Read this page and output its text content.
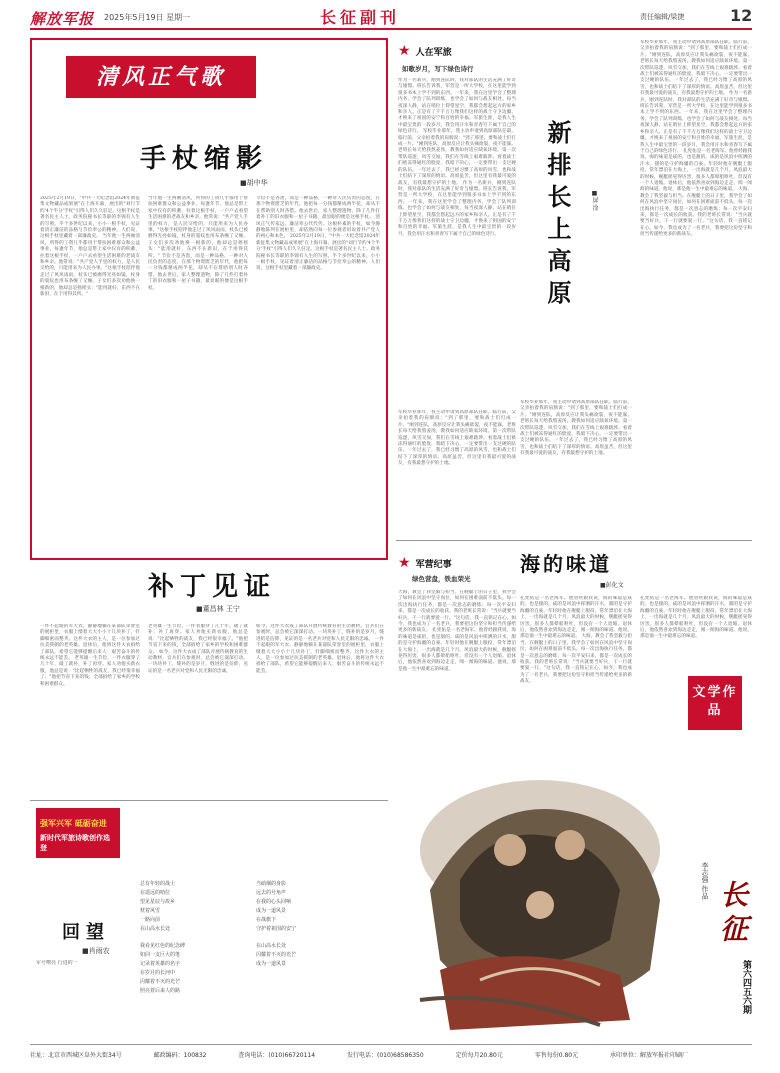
解放军报 2025年5月19日 星期一	长征副刊	责任编辑/梁捷	12
清风正气歌
手杖缩影
■胡中华
2025年2月19日，"中共一大纪念馆2024年新征集文物藏品成果展"在上海开幕，展出的"刘行节约'4个半分'手杖"引得人们久久驻足。这根手杖是著名民主人士、政务院秘书长等职的李锦有人生的写照。半个多世纪以来，小小一根手杖，见证着清正廉洁的品格与节俭奉公的精神。人们说，这根手杖里藏着一部廉政史。 当年他一生两袖清风，所得的工资几乎都用于帮扶困难群众和公益事业。每逢年节，他总是带上家中仅有的积蓄，拄着这根手杖，一户户去看望生活困难的老战友和乡亲。他常说："共产党人手里的权力，是人民交给的，只能用来为人民办事。"这根手杖陪伴他走过了风风雨雨，杖头已被磨得光亮如镜，杖身的裂纹也用布条缠了又缠。子女们多次劝他换一根新的，他却总是摇摇头："能用就好，东西不在新旧，在于用得其所。"
当年他一生两袖清风，所得的工资几乎都用于帮扶困难群众和公益事业。每逢年节，他总是带上家中仅有的积蓄，拄着这根手杖，一户户去看望生活困难的老战友和乡亲。他常说："共产党人手里的权力，是人民交给的，只能用来为人民办事。"这根手杖陪伴他走过了风风雨雨，杖头已被磨得光亮如镜，杖身的裂纹也用布条缠了又缠。子女们多次劝他换一根新的，他却总是摇摇头："能用就好，东西不在新旧，在于用得其所。" 节俭不是吝啬，而是一种品格，一种对人民负责的态度。在那个物资匮乏的年代，他把每一分钱都掰成两半花，却从不在帮助别人时吝惜。他去世后，家人整理遗物，除了几件打着补丁的旧衣服和一屋子书籍，最显眼的便是这根手杖。
节俭不是吝啬，而是一种品格，一种对人民负责的态度。在那个物资匮乏的年代，他把每一分钱都掰成两半花，却从不在帮助别人时吝惜。他去世后，家人整理遗物，除了几件打着补丁的旧衣服和一屋子书籍，最显眼的便是这根手杖。 清风正气传家远，廉洁奉公代代传。这根朴素的手杖，如今静静地陈列在展柜里，却依然向每一位参观者诉说着共产党人的初心和本色。 2025年2月19日，"中共一大纪念馆2024年新征集文物藏品成果展"在上海开幕，展出的"刘行节约'4个半分'手杖"引得人们久久驻足。这根手杖是著名民主人士、政务院秘书长等职的李锦有人生的写照。半个多世纪以来，小小一根手杖，见证着清正廉洁的品格与节俭奉公的精神。人们说，这根手杖里藏着一部廉政史。
补丁见证
■董昌林 王宁
一件不起眼的军大衣，静静地躺在某部队荣誉室的展柜里，衣服上缀着大大小小十几块补丁，针脚细密而整齐。这件大衣的主人，是一位参加过抗美援朝的老英雄。退休后，他将这件大衣捐给了部队，希望它能够提醒后来人：艰苦奋斗的传统永远不能丢。 老英雄一生节俭，一件衣服穿了几十年，破了就补，补了再穿。家人劝他买新衣服，他总是说："比起牺牲的战友，我已经很幸福了。"他把节省下来的钱，全部捐给了家乡的学校和困难群众。
老英雄一生节俭，一件衣服穿了几十年，破了就补，补了再穿。家人劝他买新衣服，他总是说："比起牺牲的战友，我已经很幸福了。"他把节省下来的钱，全部捐给了家乡的学校和困难群众。 如今，这件大衣成了部队开展传统教育的生动教材。官兵们在参观时，总会被它深深打动。一块块补丁，缝补的是岁月，缝进的是信仰，见证的是一名老兵对党和人民无限的忠诚。
如今，这件大衣成了部队开展传统教育的生动教材。官兵们在参观时，总会被它深深打动。一块块补丁，缝补的是岁月，缝进的是信仰，见证的是一名老兵对党和人民无限的忠诚。 一件不起眼的军大衣，静静地躺在某部队荣誉室的展柜里，衣服上缀着大大小小十几块补丁，针脚细密而整齐。这件大衣的主人，是一位参加过抗美援朝的老英雄。退休后，他将这件大衣捐给了部队，希望它能够提醒后来人：艰苦奋斗的传统永远不能丢。
强军兴军 砥砺奋进
新时代军旅诗歌创作选登
回望
■肖雨农
军号嘹亮 行进的一
总有年轻的战士
在遥远的哨位
望见星辰与故乡
枕着风雪
一路向前
在山高水长处
我看见红色的纪念碑
如同一支巨大的笔
记录着英雄的名字
在岁月的长河中
闪耀着不灭的光芒
照亮着后来人的路
当硝烟的身影
远去的号角声
在我的心头回响
成为一道风景
在战旗下
守护着祖国的安宁
在山高水长处
闪耀着不灭的光芒
成为一道风景
★ 人在军旅
如歌岁月，写下绿色诗行
作为一名新兵，刚到连队时，我对部队的生活充满了好奇与憧憬。班长告诉我，军营是一所大学校，在这里能学到很多书本上学不到的东西。一年来，我在这里学会了整理内务，学会了队列训练，也学会了如何与战友相处。每当夜深人静，站在哨位上仰望星空，我都会想起远方的家乡和亲人。正是有了千千万万像我们这样的战士守卫边疆，才换来了祖国的安宁和百姓的幸福。军旅生涯，是我人生中最宝贵的一段岁月，我会用汗水和青春写下属于自己的绿色诗行。 军校毕业那年，我主动申请到高原部队任职。临行前，父亲拍着我的肩膀说："到了那里，要和战士们打成一片。"刚到连队，高原反应让我头痛欲裂，夜不能寐。老班长每天给我熬姜汤，教我如何适应缺氧环境。第一次带队巡逻，风雪交加，我们在雪线上艰难跋涉。看着战士们被冻得通红的脸庞，我暗下决心，一定要带出一支过硬的队伍。一年过去了，我已经习惯了高原的风雪，也和战士们结下了深厚的情谊。高原虽苦，但这里有我最可爱的战友，有我最想守护的土地。 作为一名新兵，刚到连队时，我对部队的生活充满了好奇与憧憬。班长告诉我，军营是一所大学校，在这里能学到很多书本上学不到的东西。一年来，我在这里学会了整理内务，学会了队列训练，也学会了如何与战友相处。每当夜深人静，站在哨位上仰望星空，我都会想起远方的家乡和亲人。正是有了千千万万像我们这样的战士守卫边疆，才换来了祖国的安宁和百姓的幸福。军旅生涯，是我人生中最宝贵的一段岁月，我会用汗水和青春写下属于自己的绿色诗行。
军校毕业那年，我主动申请到高原部队任职。临行前，父亲拍着我的肩膀说："到了那里，要和战士们打成一片。"刚到连队，高原反应让我头痛欲裂，夜不能寐。老班长每天给我熬姜汤，教我如何适应缺氧环境。第一次带队巡逻，风雪交加，我们在雪线上艰难跋涉。看着战士们被冻得通红的脸庞，我暗下决心，一定要带出一支过硬的队伍。一年过去了，我已经习惯了高原的风雪，也和战士们结下了深厚的情谊。高原虽苦，但这里有我最可爱的战友，有我最想守护的土地。
新排长上高原	■屏 淦
军校毕业那年，我主动申请到高原部队任职。临行前，父亲拍着我的肩膀说："到了那里，要和战士们打成一片。"刚到连队，高原反应让我头痛欲裂，夜不能寐。老班长每天给我熬姜汤，教我如何适应缺氧环境。第一次带队巡逻，风雪交加，我们在雪线上艰难跋涉。看着战士们被冻得通红的脸庞，我暗下决心，一定要带出一支过硬的队伍。一年过去了，我已经习惯了高原的风雪，也和战士们结下了深厚的情谊。高原虽苦，但这里有我最可爱的战友，有我最想守护的土地。
军校毕业那年，我主动申请到高原部队任职。临行前，父亲拍着我的肩膀说："到了那里，要和战士们打成一片。"刚到连队，高原反应让我头痛欲裂，夜不能寐。老班长每天给我熬姜汤，教我如何适应缺氧环境。第一次带队巡逻，风雪交加，我们在雪线上艰难跋涉。看着战士们被冻得通红的脸庞，我暗下决心，一定要带出一支过硬的队伍。一年过去了，我已经习惯了高原的风雪，也和战士们结下了深厚的情谊。高原虽苦，但这里有我最可爱的战友，有我最想守护的土地。 作为一名新兵，刚到连队时，我对部队的生活充满了好奇与憧憬。班长告诉我，军营是一所大学校，在这里能学到很多书本上学不到的东西。一年来，我在这里学会了整理内务，学会了队列训练，也学会了如何与战友相处。每当夜深人静，站在哨位上仰望星空，我都会想起远方的家乡和亲人。正是有了千千万万像我们这样的战士守卫边疆，才换来了祖国的安宁和百姓的幸福。军旅生涯，是我人生中最宝贵的一段岁月，我会用汗水和青春写下属于自己的绿色诗行。 孔宪佑是一名老海军。他曾经跟我说，海的味道是咸的，也是甜的。咸的是风浪中挥洒的汗水，甜的是守护海疆的自豪。年轻时他在舰艇上服役，常年漂泊在大海上，一出海就是几个月。风浪最大的时候，舰艇摇晃得厉害，很多人都晕船呕吐，但没有一个人退缩。退休后，他依然喜欢到海边走走，闻一闻海的味道。他说，那是他一生中最难忘的味道。 大海，教会了我坚毅与担当。在舰艇上的日子里，我学会了如何在风浪中坚守岗位，如何在困难面前不低头。每一次出海执行任务，都是一次意志的磨炼；每一次平安归来，都是一次成长的收获。我的老班长常说："当兵就要当好兵，干一行就要爱一行。"这句话，我一直铭记在心。如今，我也成为了一名老兵，我要把这份坚守和担当传递给更多的新战友。
海的味道
■彭化文
★ 军营纪事
绿色营盘，铁血荣光
大海，教会了我坚毅与担当。在舰艇上的日子里，我学会了如何在风浪中坚守岗位，如何在困难面前不低头。每一次出海执行任务，都是一次意志的磨炼；每一次平安归来，都是一次成长的收获。我的老班长常说："当兵就要当好兵，干一行就要爱一行。"这句话，我一直铭记在心。如今，我也成为了一名老兵，我要把这份坚守和担当传递给更多的新战友。 孔宪佑是一名老海军。他曾经跟我说，海的味道是咸的，也是甜的。咸的是风浪中挥洒的汗水，甜的是守护海疆的自豪。年轻时他在舰艇上服役，常年漂泊在大海上，一出海就是几个月。风浪最大的时候，舰艇摇晃得厉害，很多人都晕船呕吐，但没有一个人退缩。退休后，他依然喜欢到海边走走，闻一闻海的味道。他说，那是他一生中最难忘的味道。
孔宪佑是一名老海军。他曾经跟我说，海的味道是咸的，也是甜的。咸的是风浪中挥洒的汗水，甜的是守护海疆的自豪。年轻时他在舰艇上服役，常年漂泊在大海上，一出海就是几个月。风浪最大的时候，舰艇摇晃得厉害，很多人都晕船呕吐，但没有一个人退缩。退休后，他依然喜欢到海边走走，闻一闻海的味道。他说，那是他一生中最难忘的味道。 大海，教会了我坚毅与担当。在舰艇上的日子里，我学会了如何在风浪中坚守岗位，如何在困难面前不低头。每一次出海执行任务，都是一次意志的磨炼；每一次平安归来，都是一次成长的收获。我的老班长常说："当兵就要当好兵，干一行就要爱一行。"这句话，我一直铭记在心。如今，我也成为了一名老兵，我要把这份坚守和担当传递给更多的新战友。
孔宪佑是一名老海军。他曾经跟我说，海的味道是咸的，也是甜的。咸的是风浪中挥洒的汗水，甜的是守护海疆的自豪。年轻时他在舰艇上服役，常年漂泊在大海上，一出海就是几个月。风浪最大的时候，舰艇摇晃得厉害，很多人都晕船呕吐，但没有一个人退缩。退休后，他依然喜欢到海边走走，闻一闻海的味道。他说，那是他一生中最难忘的味道。
文学作品
李志强 作品 长征
第六四五六期
社址：北京市西城区阜外大街34号	邮政编码：100832	查询电话：(010)66720114	发行电话：(010)68586350	定价每月20.80元	零售每份0.80元	承印单位：解放军报社印刷厂
